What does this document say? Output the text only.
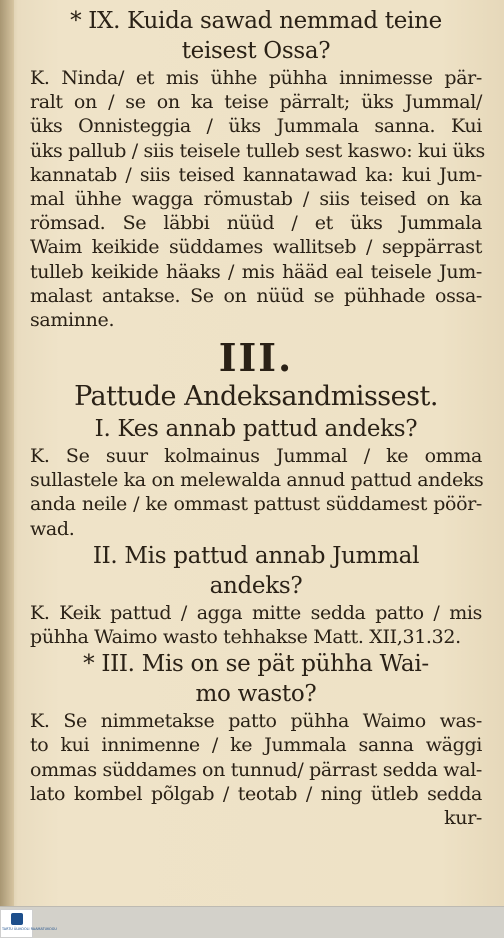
* IX. Kuida sawad nemmad teine
teisest Ossa?
K. Ninda/ et mis ühhe pühha innimesse pär-
ralt on / se on ka teise pärralt; üks Jummal/
üks Onnisteggia / üks Jummala sanna. Kui
üks pallub / siis teisele tulleb sest kaswo: kui üks
kannatab / siis teised kannatawad ka: kui Jum-
mal ühhe wagga römustab / siis teised on ka
römsad. Se läbbi nüüd / et üks Jummala
Waim keikide süddames wallitseb / seppärrast
tulleb keikide häaks / mis hääd eal teisele Jum-
malast antakse. Se on nüüd se pühhade ossa-
saminne.
III.
Pattude Andeksandmissest.
I. Kes annab pattud andeks?
K. Se suur kolmainus Jummal / ke omma
sullastele ka on melewalda annud pattud andeks
anda neile / ke ommast pattust süddamest pöör-
wad.
II. Mis pattud annab Jummal
andeks?
K. Keik pattud / agga mitte sedda patto / mis
pühha Waimo wasto tehhakse Matt. XII,31.32.
* III. Mis on se pät pühha Wai-
mo wasto?
K. Se nimmetakse patto pühha Waimo was-
to kui innimenne / ke Jummala sanna wäggi
ommas süddames on tunnud/ pärrast sedda wal-
lato kombel põlgab / teotab / ning ütleb sedda
kur-
TARTU ÜLIKOOLI RAAMATUKOGU
